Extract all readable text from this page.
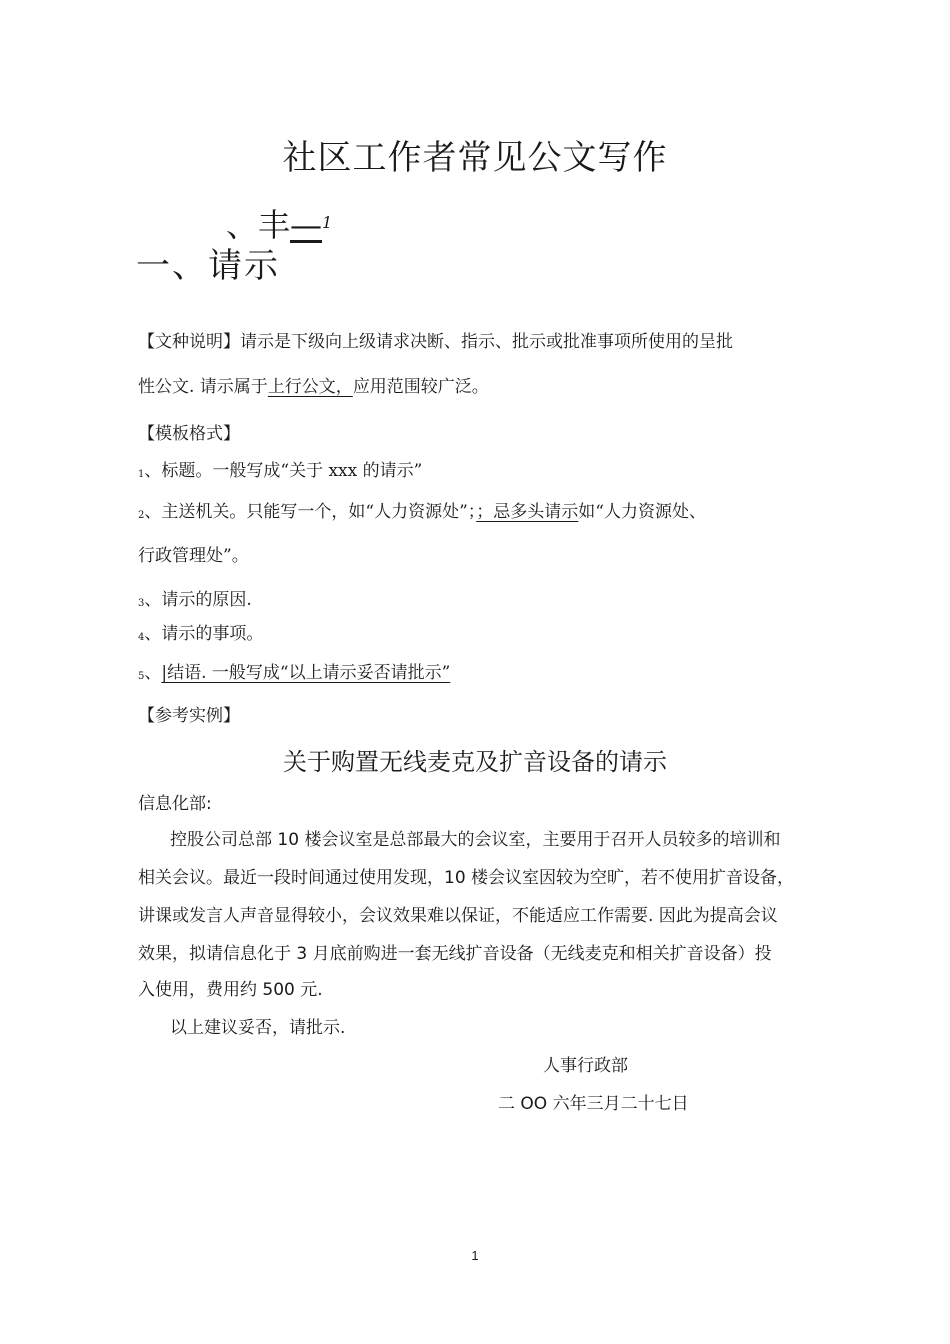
社区工作者常见公文写作
、丰—$^1$
一、请示
【文种说明】请示是下级向上级请求决断、指示、批示或批准事项所使用的呈批
性公文. 请示属于上行公文，应用范围较广泛。
【模板格式】
1、标题。一般写成“关于 xxx 的请示”
2、主送机关。只能写一个，如“人力资源处”；；忌多头请示如“人力资源处、
行政管理处”。
3、请示的原因.
4、请示的事项。
5、|结语. 一般写成“以上请示妥否请批示”
【参考实例】
关于购置无线麦克及扩音设备的请示
信息化部:
控股公司总部 10 楼会议室是总部最大的会议室，主要用于召开人员较多的培训和
相关会议。最近一段时间通过使用发现，10 楼会议室因较为空旷，若不使用扩音设备，
讲课或发言人声音显得较小，会议效果难以保证，不能适应工作需要. 因此为提高会议
效果，拟请信息化于 3 月底前购进一套无线扩音设备（无线麦克和相关扩音设备）投
入使用，费用约 500 元.
以上建议妥否，请批示.
人事行政部
二 OO 六年三月二十七日
1
